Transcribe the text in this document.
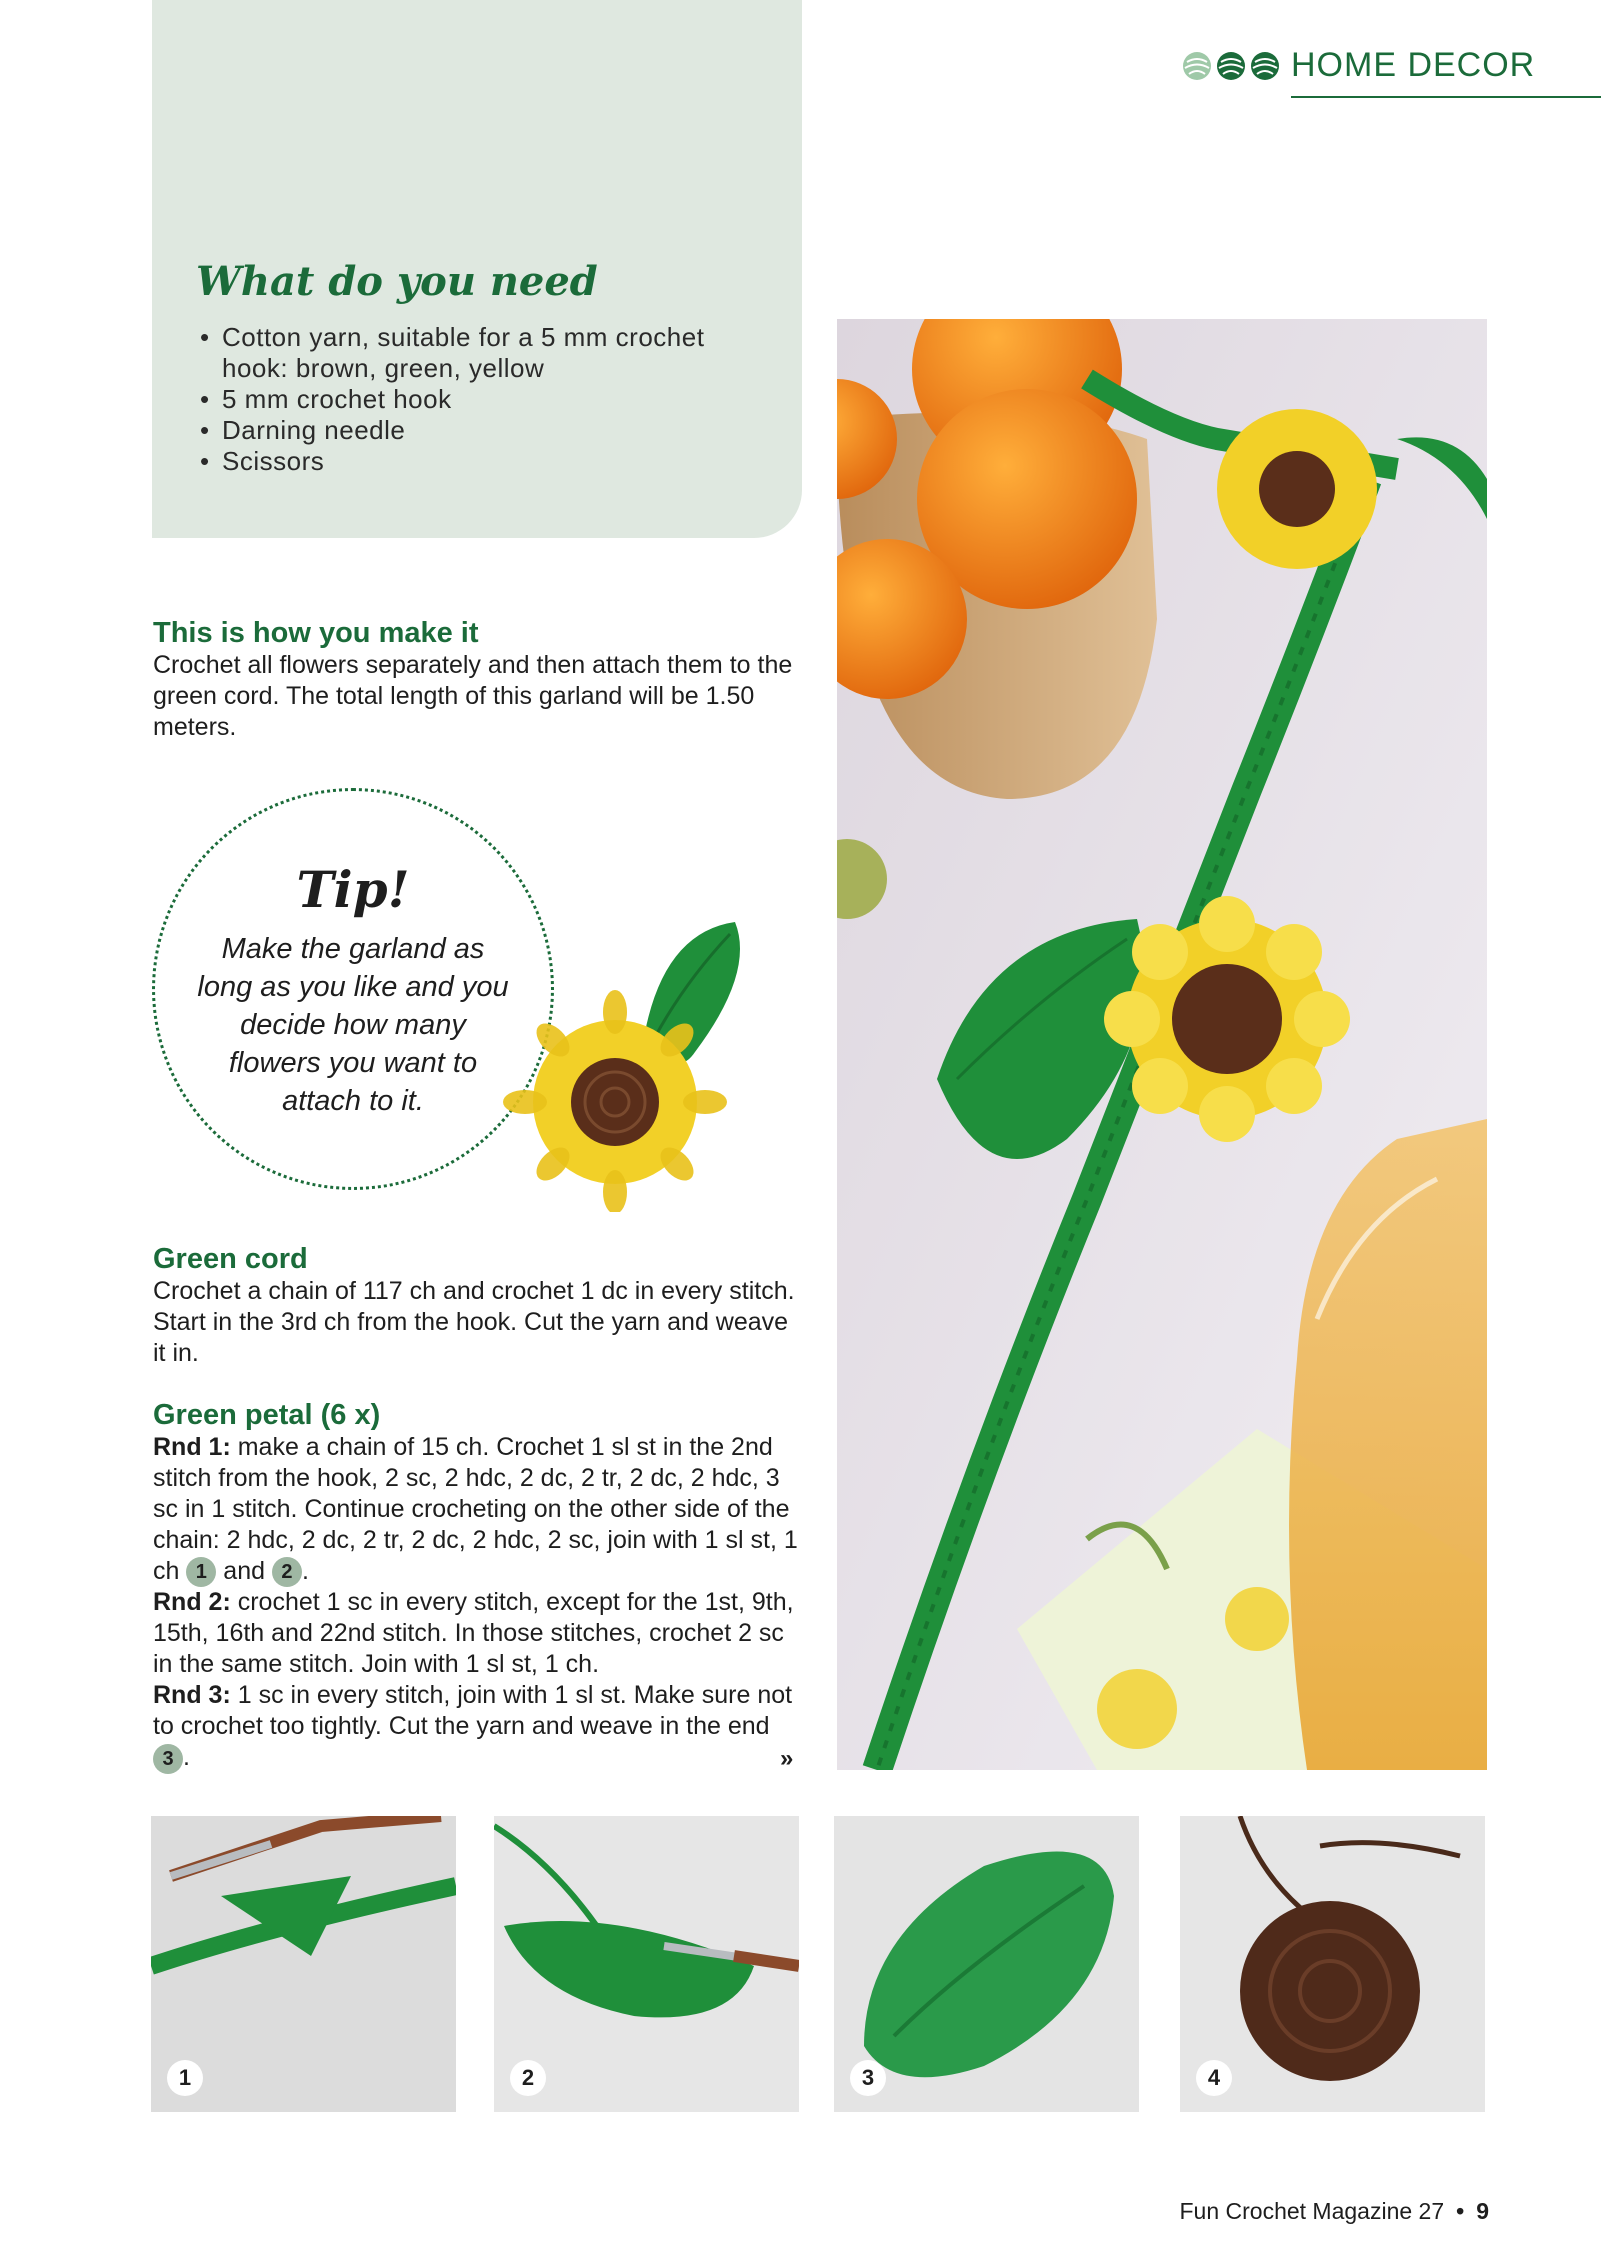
HOME DECOR
What do you need
• Cotton yarn, suitable for a 5 mm crochet hook: brown, green, yellow
• 5 mm crochet hook
• Darning needle
• Scissors
This is how you make it
Crochet all flowers separately and then attach them to the green cord. The total length of this garland will be 1.50 meters.
Tip!
Make the garland as long as you like and you decide how many flowers you want to attach to it.
Green cord
Crochet a chain of 117 ch and crochet 1 dc in every stitch. Start in the 3rd ch from the hook. Cut the yarn and weave it in.
Green petal (6 x)

Rnd 1: make a chain of 15 ch. Crochet 1 sl st in the 2nd stitch from the hook, 2 sc, 2 hdc, 2 dc, 2 tr, 2 dc, 2 hdc, 3 sc in 1 stitch. Continue crocheting on the other side of the chain: 2 hdc, 2 dc, 2 tr, 2 dc, 2 hdc, 2 sc, join with 1 sl st, 1 ch 1 and 2 .

Rnd 2: crochet 1 sc in every stitch, except for the 1st, 9th, 15th, 16th and 22nd stitch. In those stitches, crochet 2 sc in the same stitch. Join with 1 sl st, 1 ch.

Rnd 3: 1 sc in every stitch, join with 1 sl st. Make sure not to crochet too tightly. Cut the yarn and weave in the end 3 .	»
1	2	3	4
Fun Crochet Magazine 27 • 9
